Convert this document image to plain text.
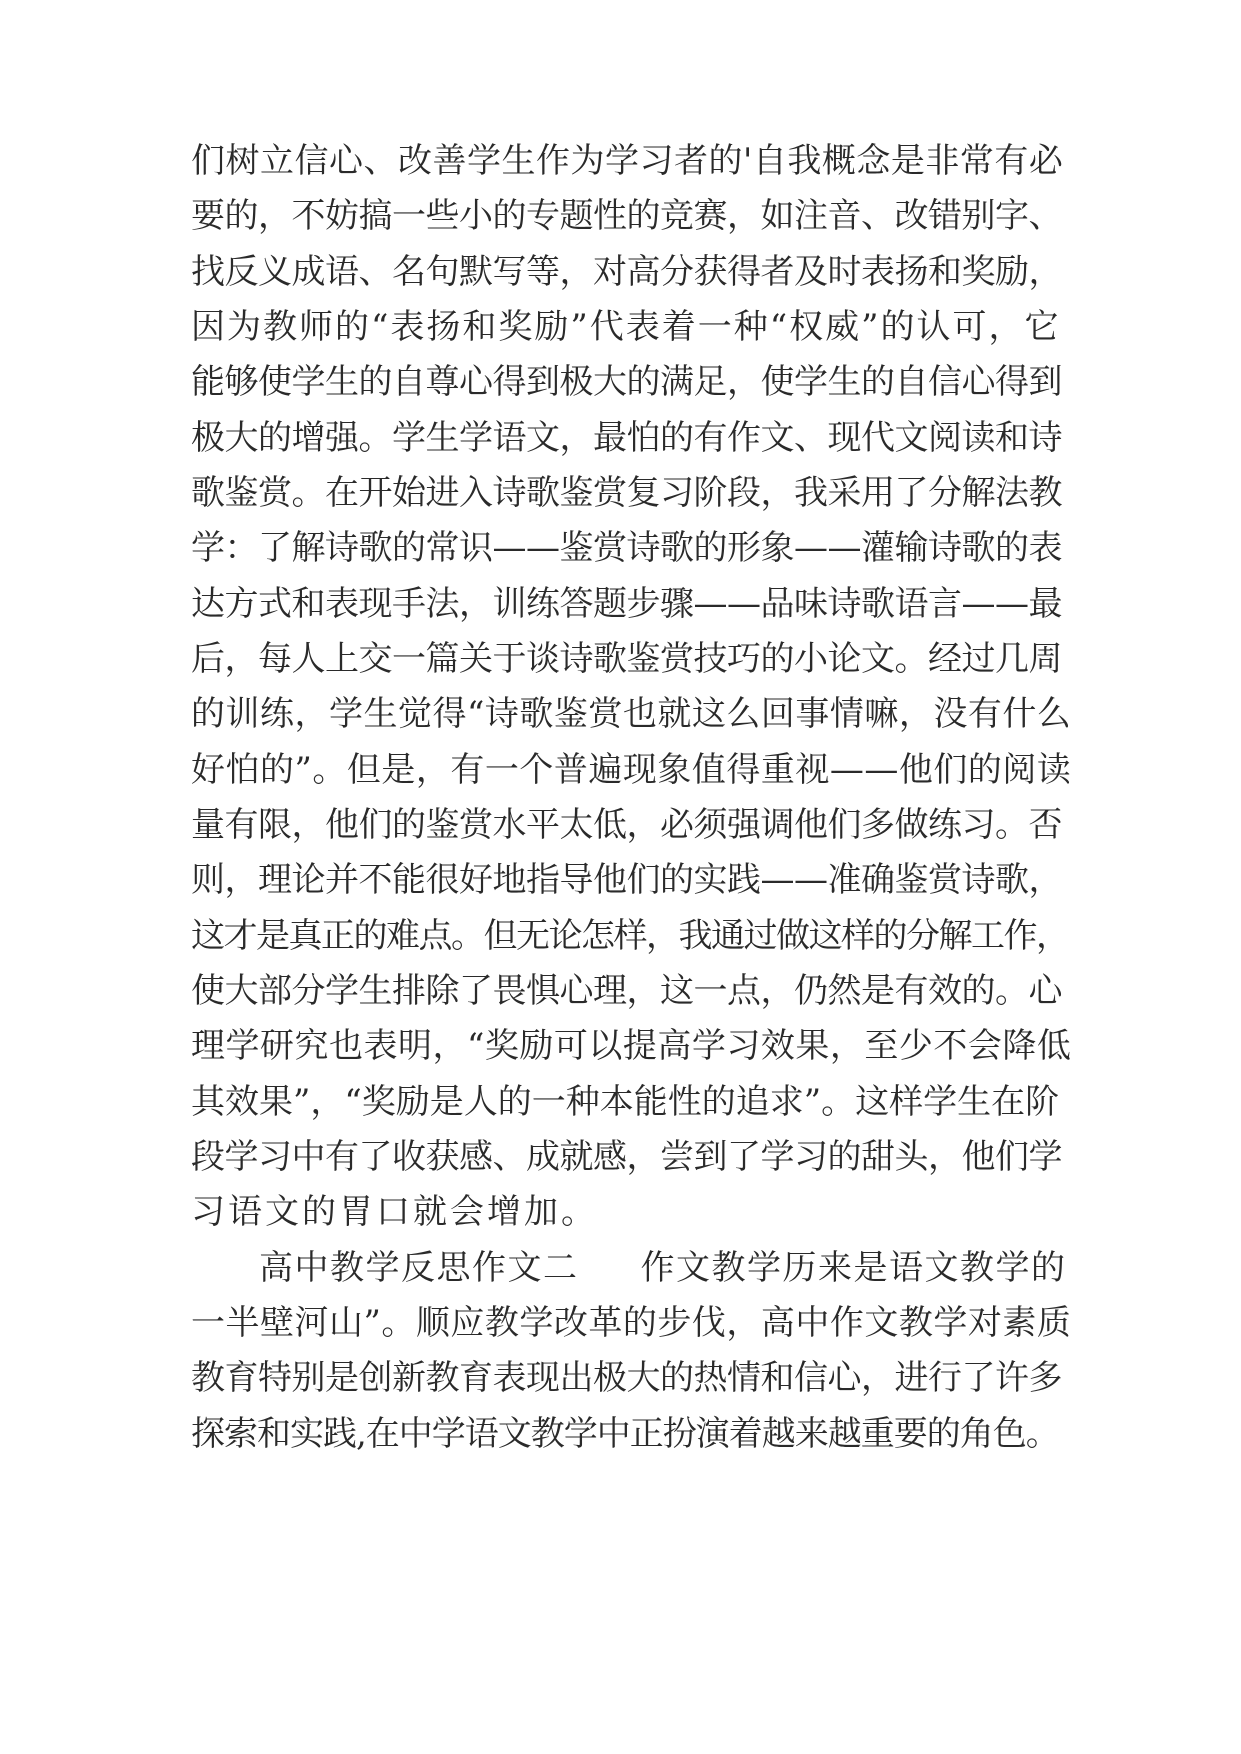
们树立信心、改善学生作为学习者的'自我概念是非常有必
要的，不妨搞一些小的专题性的竞赛，如注音、改错别字、
找反义成语、名句默写等，对高分获得者及时表扬和奖励，
因为教师的“表扬和奖励”代表着一种“权威”的认可，它
能够使学生的自尊心得到极大的满足，使学生的自信心得到
极大的增强。学生学语文，最怕的有作文、现代文阅读和诗
歌鉴赏。在开始进入诗歌鉴赏复习阶段，我采用了分解法教
学：了解诗歌的常识——鉴赏诗歌的形象——灌输诗歌的表
达方式和表现手法，训练答题步骤——品味诗歌语言——最
后，每人上交一篇关于谈诗歌鉴赏技巧的小论文。经过几周
的训练，学生觉得“诗歌鉴赏也就这么回事情嘛，没有什么
好怕的”。但是，有一个普遍现象值得重视——他们的阅读
量有限，他们的鉴赏水平太低，必须强调他们多做练习。否
则，理论并不能很好地指导他们的实践——准确鉴赏诗歌，
这才是真正的难点。但无论怎样，我通过做这样的分解工作，
使大部分学生排除了畏惧心理，这一点，仍然是有效的。心
理学研究也表明，“奖励可以提高学习效果，至少不会降低
其效果”，“奖励是人的一种本能性的追求”。这样学生在阶
段学习中有了收获感、成就感，尝到了学习的甜头，他们学
习语文的胃口就会增加。
高中教学反思作文二 作文教学历来是语文教学的
一半壁河山”。顺应教学改革的步伐，高中作文教学对素质
教育特别是创新教育表现出极大的热情和信心，进行了许多
探索和实践,在中学语文教学中正扮演着越来越重要的角色。
